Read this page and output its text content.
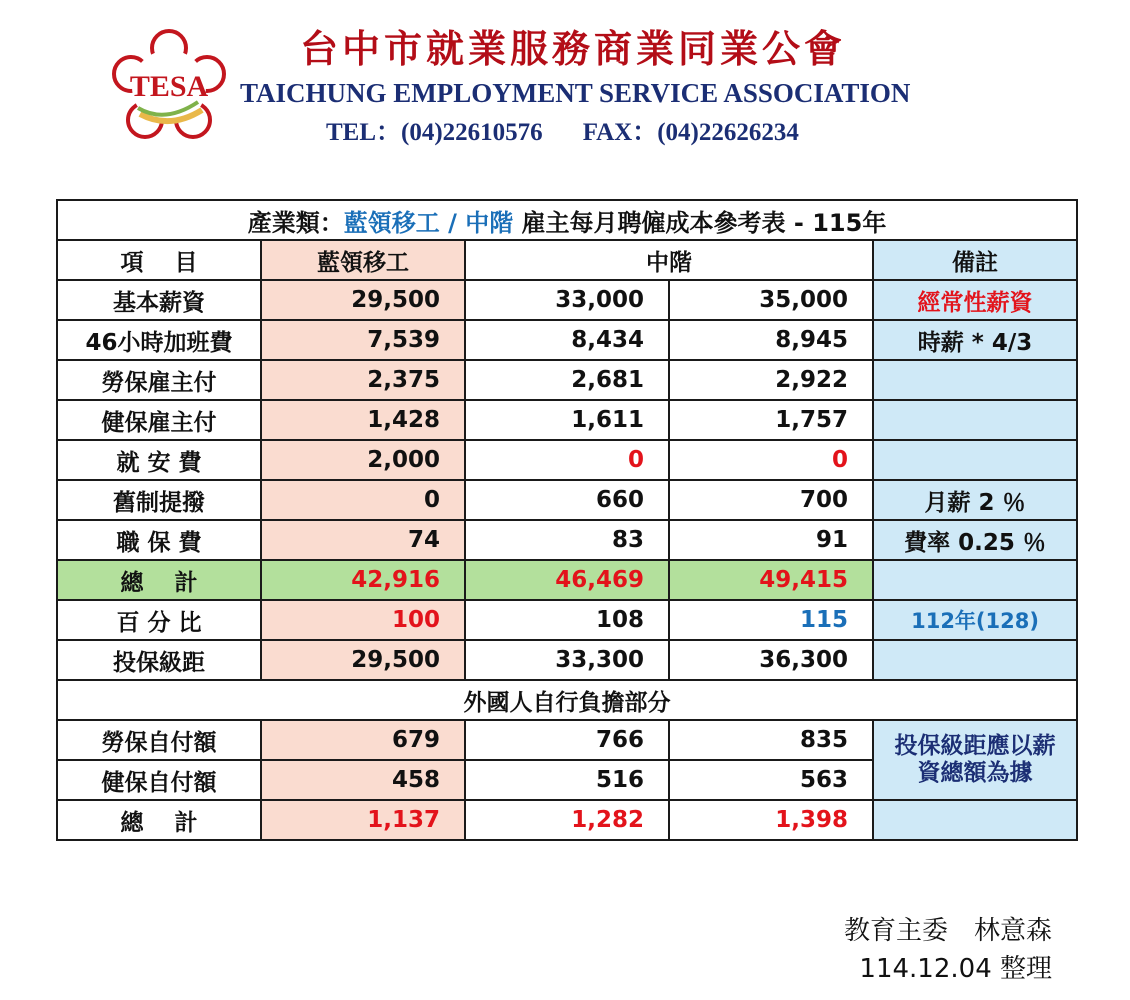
TESA
台中市就業服務商業同業公會
TAICHUNG EMPLOYMENT SERVICE ASSOCIATION
TEL：(04)22610576 FAX：(04)22626234
產業類：藍領移工 / 中階 雇主每月聘僱成本參考表 - 115年				
項　 目	藍領移工	中階		備註
基本薪資	29,500	33,000	35,000	經常性薪資
46小時加班費	7,539	8,434	8,945	時薪 * 4/3
勞保雇主付	2,375	2,681	2,922	
健保雇主付	1,428	1,611	1,757	
就 安 費	2,000	0	0	
舊制提撥	0	660	700	月薪 2 ％
職 保 費	74	83	91	費率 0.25 ％
總　 計	42,916	46,469	49,415	
百 分 比	100	108	115	112年(128)
投保級距	29,500	33,300	36,300	
外國人自行負擔部分				
勞保自付額	679	766	835	投保級距應以薪資總額為據
健保自付額	458	516	563	
總　 計	1,137	1,282	1,398	
教育主委　林意森
114.12.04 整理
